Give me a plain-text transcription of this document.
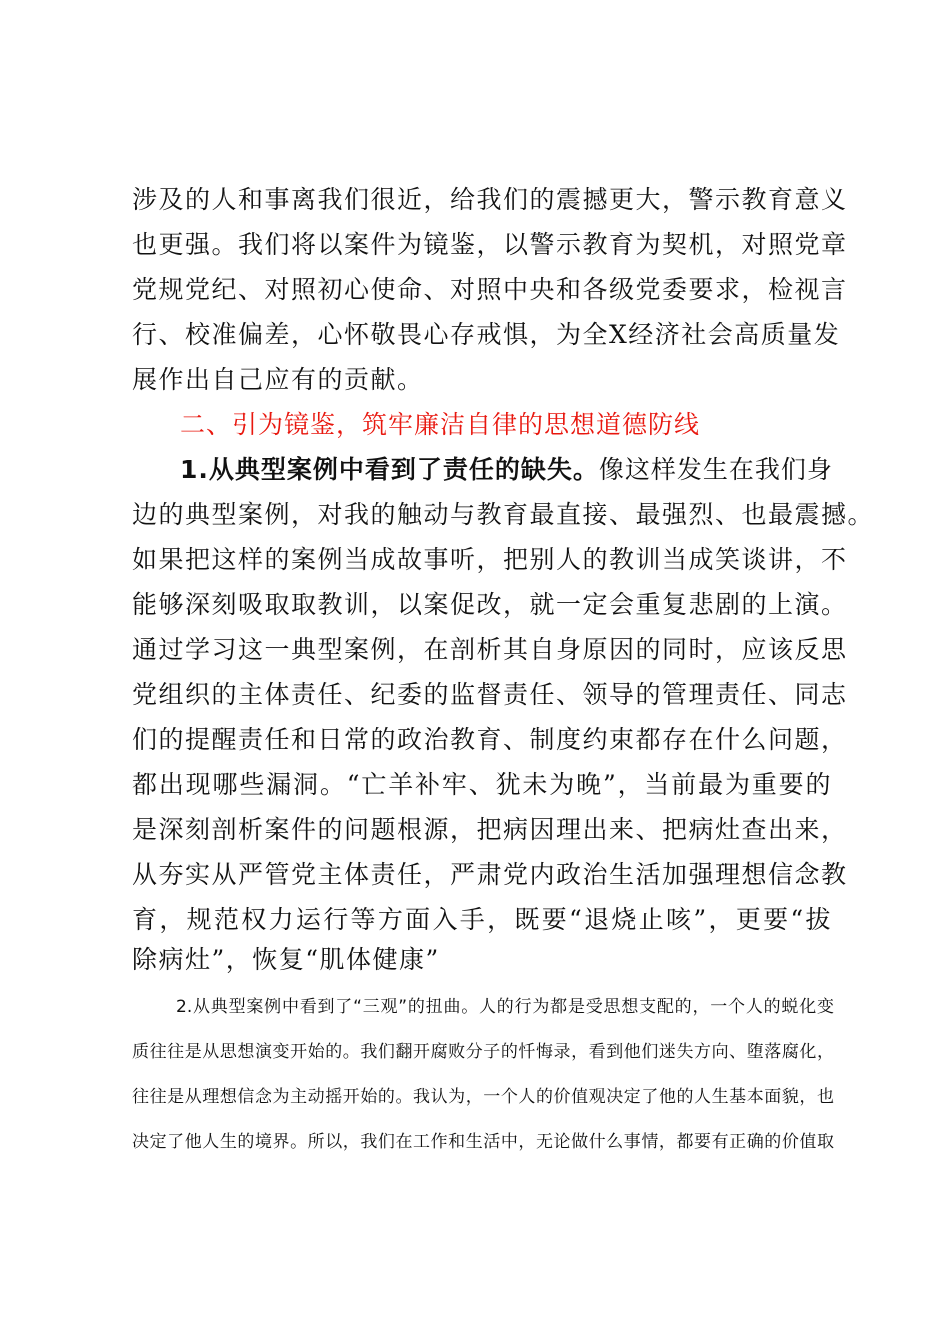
涉及的人和事离我们很近，给我们的震撼更大，警示教育意义
也更强。我们将以案件为镜鉴，以警示教育为契机，对照党章
党规党纪、对照初心使命、对照中央和各级党委要求，检视言
行、校准偏差，心怀敬畏心存戒惧，为全X经济社会高质量发
展作出自己应有的贡献。
二、引为镜鉴，筑牢廉洁自律的思想道德防线
1.从典型案例中看到了责任的缺失。像这样发生在我们身
边的典型案例，对我的触动与教育最直接、最强烈、也最震撼。
如果把这样的案例当成故事听，把别人的教训当成笑谈讲，不
能够深刻吸取取教训，以案促改，就一定会重复悲剧的上演。
通过学习这一典型案例，在剖析其自身原因的同时，应该反思
党组织的主体责任、纪委的监督责任、领导的管理责任、同志
们的提醒责任和日常的政治教育、制度约束都存在什么问题，
都出现哪些漏洞。“亡羊补牢、犹未为晚”，当前最为重要的
是深刻剖析案件的问题根源，把病因理出来、把病灶查出来，
从夯实从严管党主体责任，严肃党内政治生活加强理想信念教
育，规范权力运行等方面入手，既要“退烧止咳”，更要“拔
除病灶”，恢复“肌体健康”
2.从典型案例中看到了“三观”的扭曲。人的行为都是受思想支配的，一个人的蜕化变
质往往是从思想演变开始的。我们翻开腐败分子的忏悔录，看到他们迷失方向、堕落腐化，
往往是从理想信念为主动摇开始的。我认为，一个人的价值观决定了他的人生基本面貌，也
决定了他人生的境界。所以，我们在工作和生活中，无论做什么事情，都要有正确的价值取
